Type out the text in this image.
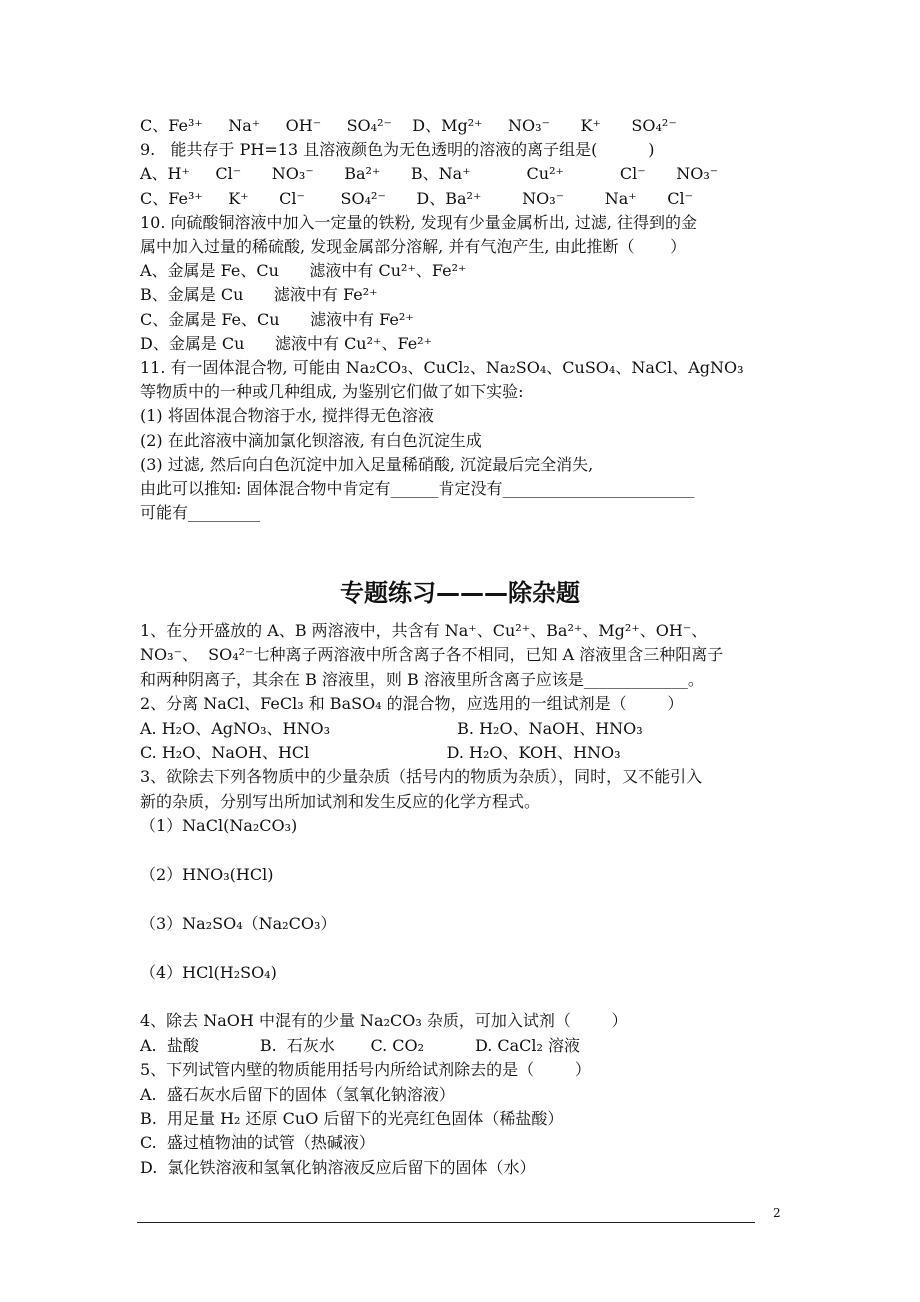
C、Fe³⁺     Na⁺     OH⁻     SO₄²⁻    D、Mg²⁺     NO₃⁻      K⁺      SO₄²⁻
9.   能共存于 PH=13 且溶液颜色为无色透明的溶液的离子组是(          )
A、H⁺     Cl⁻      NO₃⁻      Ba²⁺      B、Na⁺           Cu²⁺           Cl⁻      NO₃⁻
C、Fe³⁺     K⁺      Cl⁻       SO₄²⁻      D、Ba²⁺        NO₃⁻        Na⁺      Cl⁻
10. 向硫酸铜溶液中加入一定量的铁粉, 发现有少量金属析出, 过滤, 往得到的金
属中加入过量的稀硫酸, 发现金属部分溶解, 并有气泡产生, 由此推断（       ）
A、金属是 Fe、Cu      滤液中有 Cu²⁺、Fe²⁺
B、金属是 Cu      滤液中有 Fe²⁺
C、金属是 Fe、Cu      滤液中有 Fe²⁺
D、金属是 Cu      滤液中有 Cu²⁺、Fe²⁺
11. 有一固体混合物, 可能由 Na₂CO₃、CuCl₂、Na₂SO₄、CuSO₄、NaCl、AgNO₃
等物质中的一种或几种组成, 为鉴别它们做了如下实验:
(1) 将固体混合物溶于水, 搅拌得无色溶液
(2) 在此溶液中滴加氯化钡溶液, 有白色沉淀生成
(3) 过滤, 然后向白色沉淀中加入足量稀硝酸, 沉淀最后完全消失,
由此可以推知: 固体混合物中肯定有______肯定没有________________________
可能有_________
专题练习———除杂题
1、在分开盛放的 A、B 两溶液中，共含有 Na⁺、Cu²⁺、Ba²⁺、Mg²⁺、OH⁻、
NO₃⁻、  SO₄²⁻七种离子两溶液中所含离子各不相同，已知 A 溶液里含三种阳离子
和两种阴离子，其余在 B 溶液里，则 B 溶液里所含离子应该是_____________。
2、分离 NaCl、FeCl₃ 和 BaSO₄ 的混合物，应选用的一组试剂是（        ）
A. H₂O、AgNO₃、HNO₃                         B. H₂O、NaOH、HNO₃
C. H₂O、NaOH、HCl                           D. H₂O、KOH、HNO₃
3、欲除去下列各物质中的少量杂质（括号内的物质为杂质），同时，又不能引入
新的杂质，分别写出所加试剂和发生反应的化学方程式。
（1）NaCl(Na₂CO₃)
（2）HNO₃(HCl)
（3）Na₂SO₄（Na₂CO₃）
（4）HCl(H₂SO₄)
4、除去 NaOH 中混有的少量 Na₂CO₃ 杂质，可加入试剂（        ）
A.  盐酸            B.  石灰水       C. CO₂          D. CaCl₂ 溶液
5、下列试管内壁的物质能用括号内所给试剂除去的是（        ）
A.  盛石灰水后留下的固体（氢氧化钠溶液）
B.  用足量 H₂ 还原 CuO 后留下的光亮红色固体（稀盐酸）
C.  盛过植物油的试管（热碱液）
D.  氯化铁溶液和氢氧化钠溶液反应后留下的固体（水）
2
